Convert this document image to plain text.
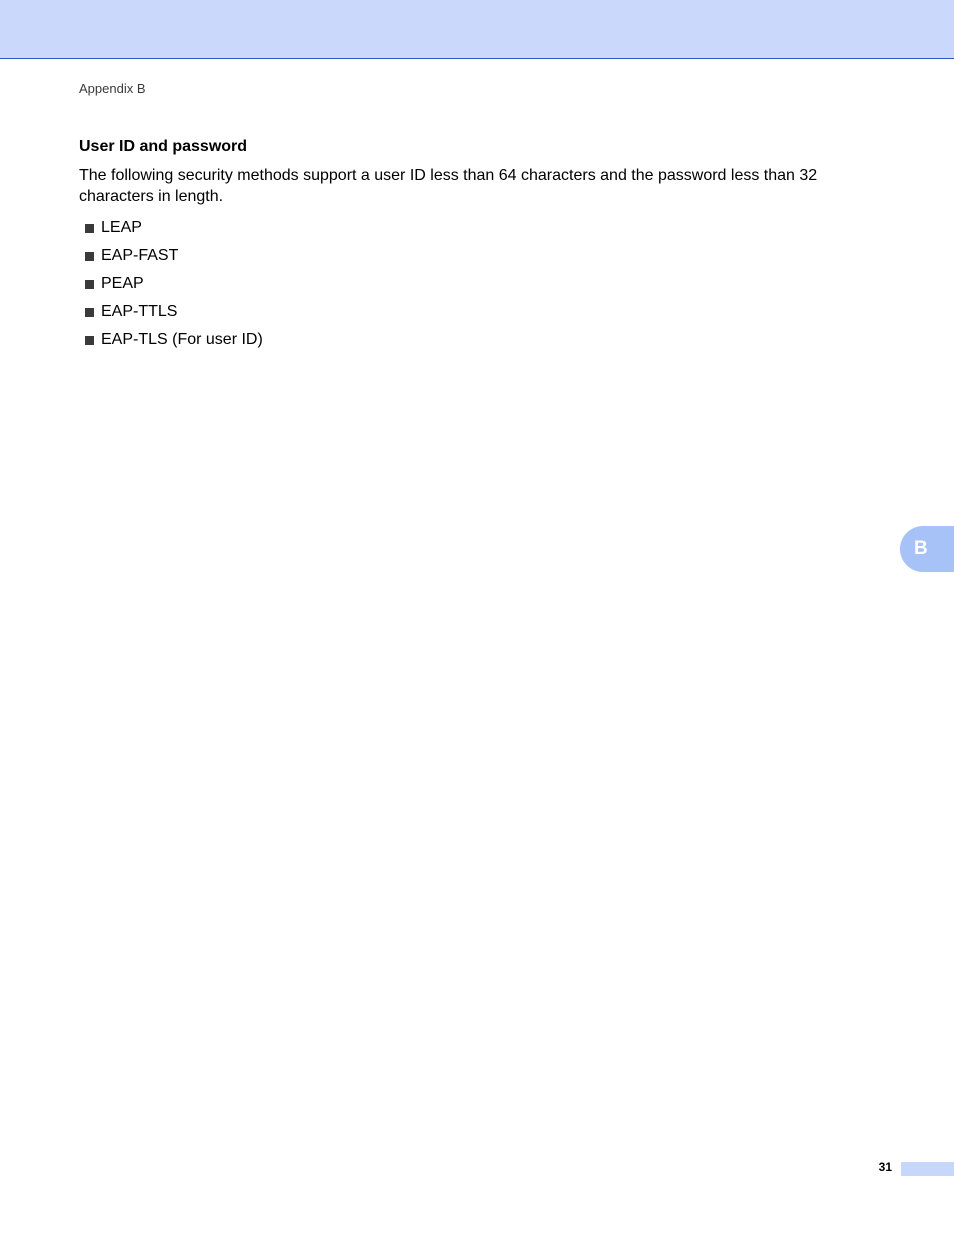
Appendix B
User ID and password

The following security methods support a user ID less than 64 characters and the password less than 32 characters in length.

LEAP
EAP-FAST
PEAP
EAP-TTLS
EAP-TLS (For user ID)
B
31
